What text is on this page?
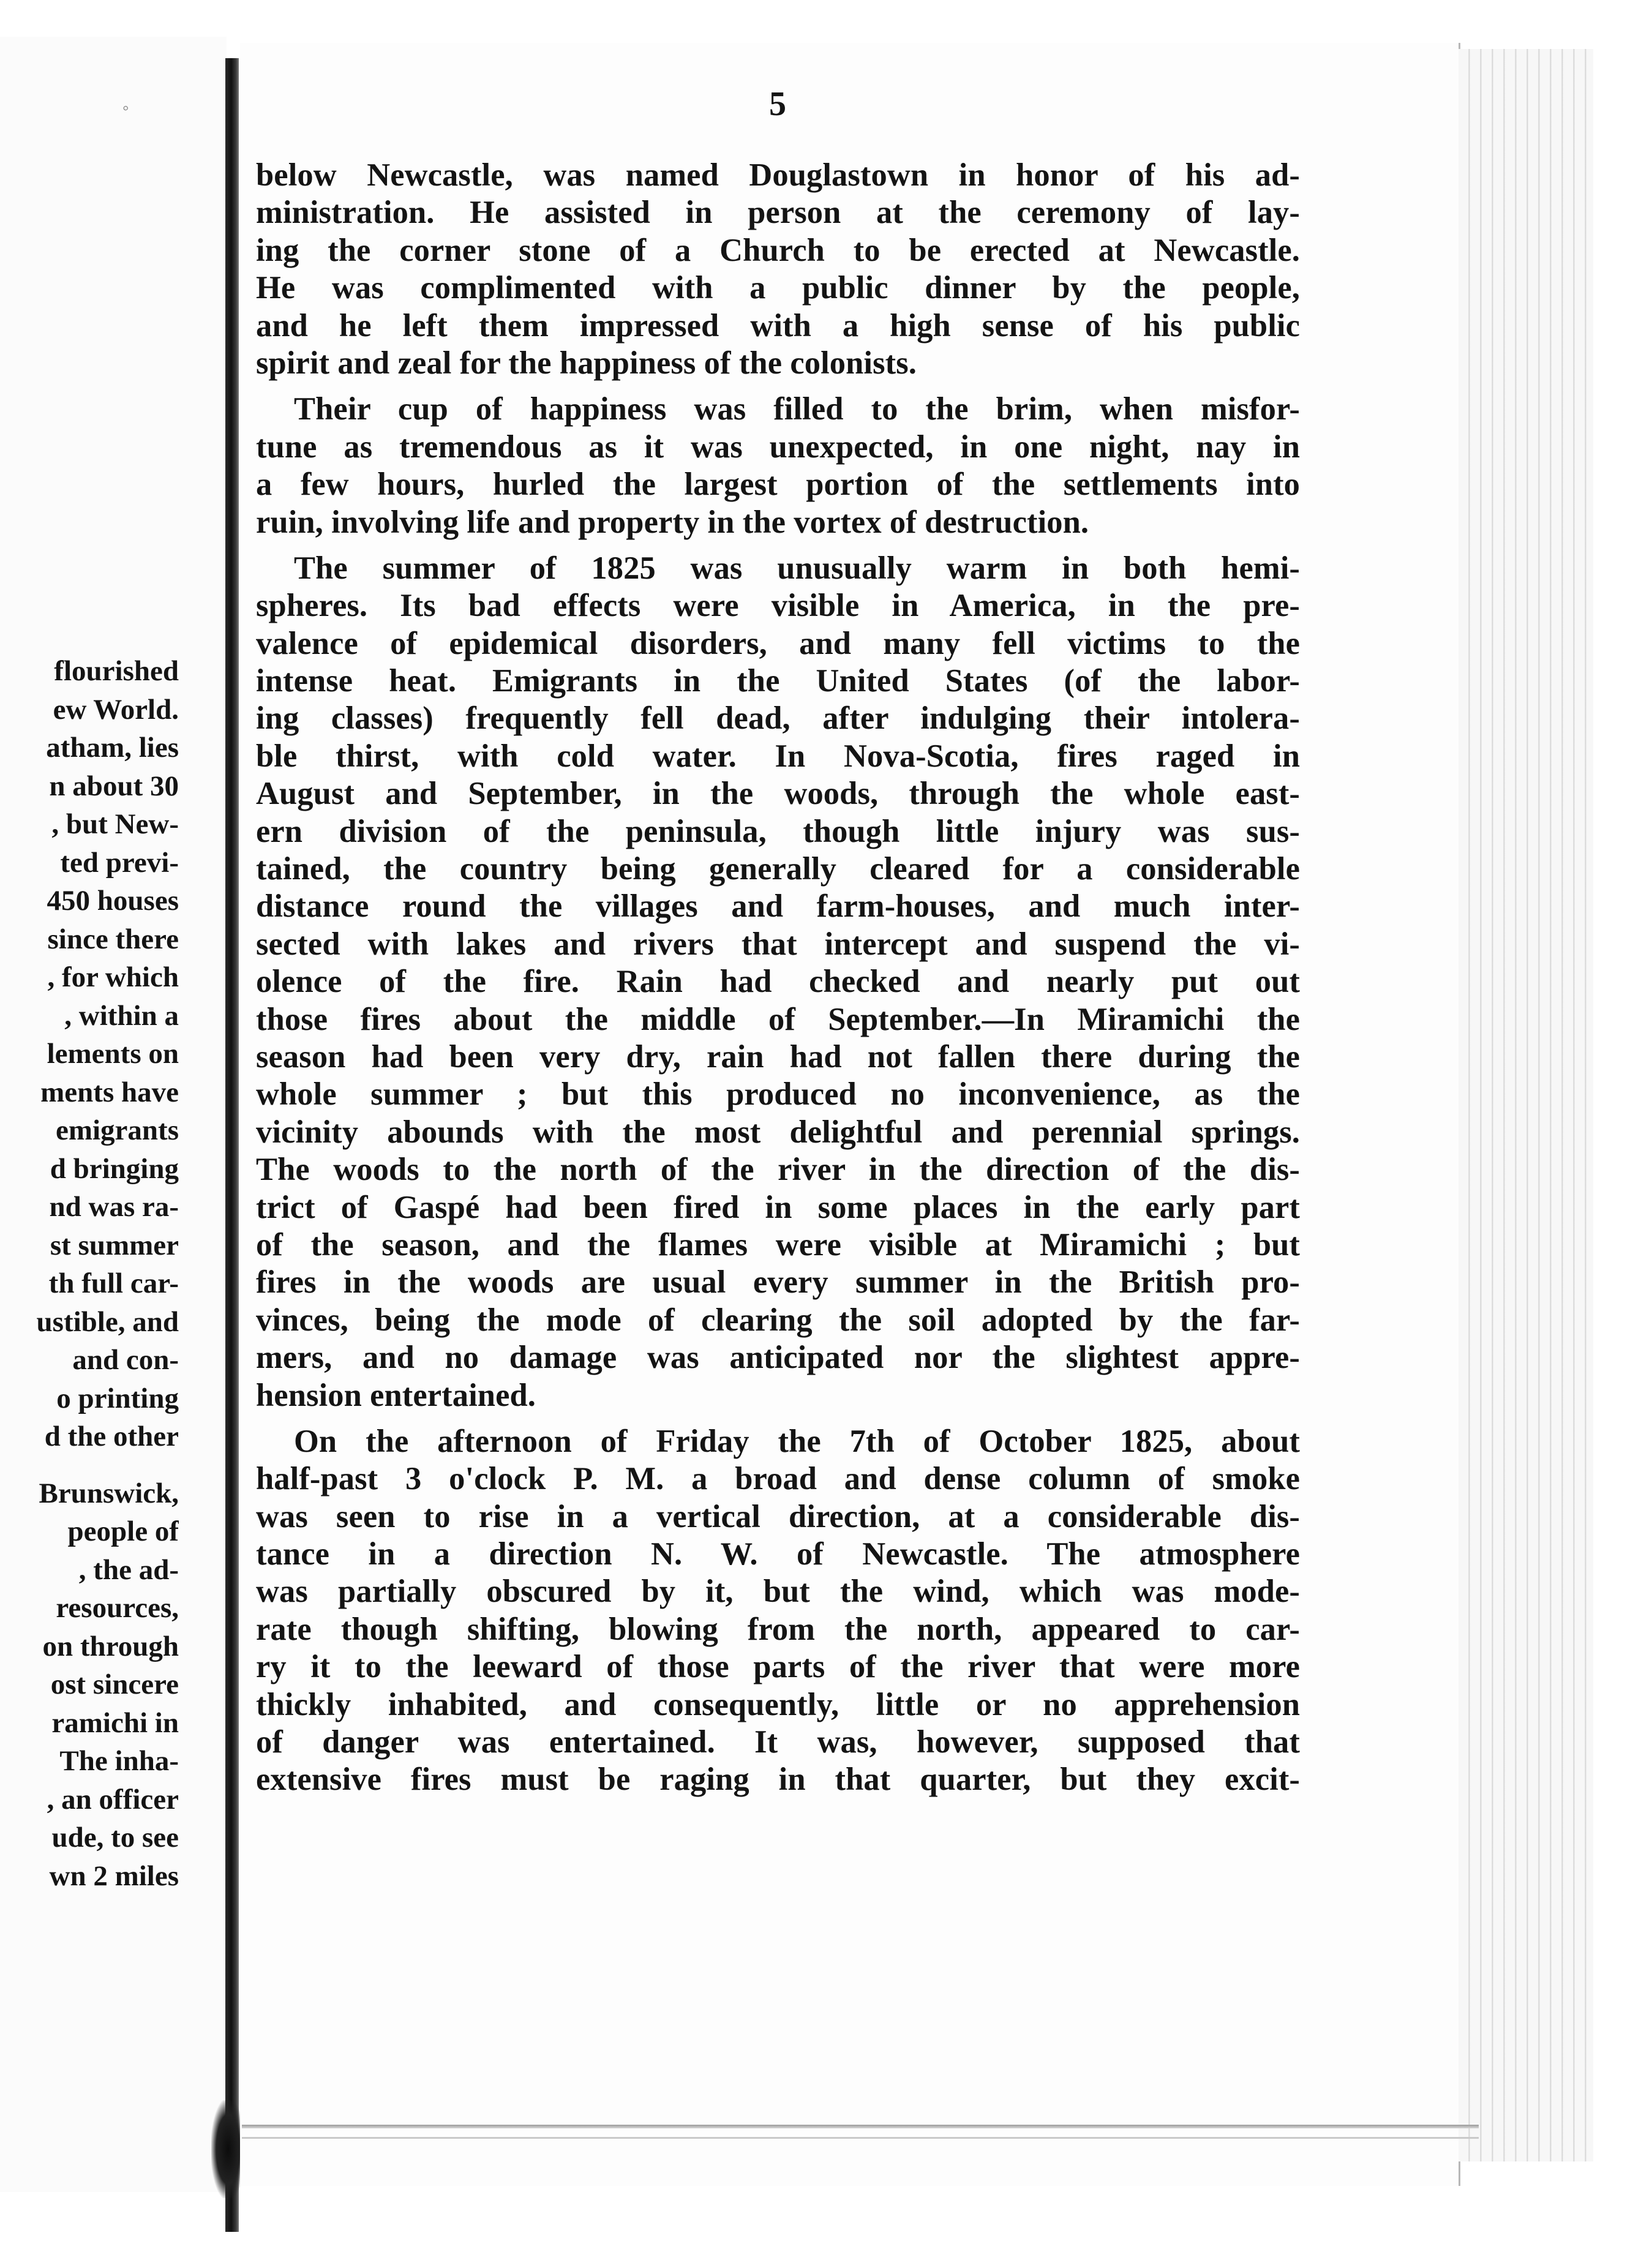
◦
flourished
ew World.
atham, lies
n about 30
, but New-
ted previ-
450 houses
since there
, for which
, within a
lements on
ments have
emigrants
d bringing
nd was ra-
st summer
th full car-
ustible, and
and con-
o printing
d the other
Brunswick,
people of
, the ad-
resources,
on through
ost sincere
ramichi in
The inha-
, an officer
ude, to see
wn 2 miles
5
below Newcastle, was named Douglastown in honor of his ad-
ministration. He assisted in person at the ceremony of lay-
ing the corner stone of a Church to be erected at Newcastle.
He was complimented with a public dinner by the people,
and he left them impressed with a high sense of his public
spirit and zeal for the happiness of the colonists.
Their cup of happiness was filled to the brim, when misfor-
tune as tremendous as it was unexpected, in one night, nay in
a few hours, hurled the largest portion of the settlements into
ruin, involving life and property in the vortex of destruction.
The summer of 1825 was unusually warm in both hemi-
spheres. Its bad effects were visible in America, in the pre-
valence of epidemical disorders, and many fell victims to the
intense heat. Emigrants in the United States (of the labor-
ing classes) frequently fell dead, after indulging their intolera-
ble thirst, with cold water. In Nova-Scotia, fires raged in
August and September, in the woods, through the whole east-
ern division of the peninsula, though little injury was sus-
tained, the country being generally cleared for a considerable
distance round the villages and farm-houses, and much inter-
sected with lakes and rivers that intercept and suspend the vi-
olence of the fire. Rain had checked and nearly put out
those fires about the middle of September.—In Miramichi the
season had been very dry, rain had not fallen there during the
whole summer ; but this produced no inconvenience, as the
vicinity abounds with the most delightful and perennial springs.
The woods to the north of the river in the direction of the dis-
trict of Gaspé had been fired in some places in the early part
of the season, and the flames were visible at Miramichi ; but
fires in the woods are usual every summer in the British pro-
vinces, being the mode of clearing the soil adopted by the far-
mers, and no damage was anticipated nor the slightest appre-
hension entertained.
On the afternoon of Friday the 7th of October 1825, about
half-past 3 o'clock P. M. a broad and dense column of smoke
was seen to rise in a vertical direction, at a considerable dis-
tance in a direction N. W. of Newcastle. The atmosphere
was partially obscured by it, but the wind, which was mode-
rate though shifting, blowing from the north, appeared to car-
ry it to the leeward of those parts of the river that were more
thickly inhabited, and consequently, little or no apprehension
of danger was entertained. It was, however, supposed that
extensive fires must be raging in that quarter, but they excit-
